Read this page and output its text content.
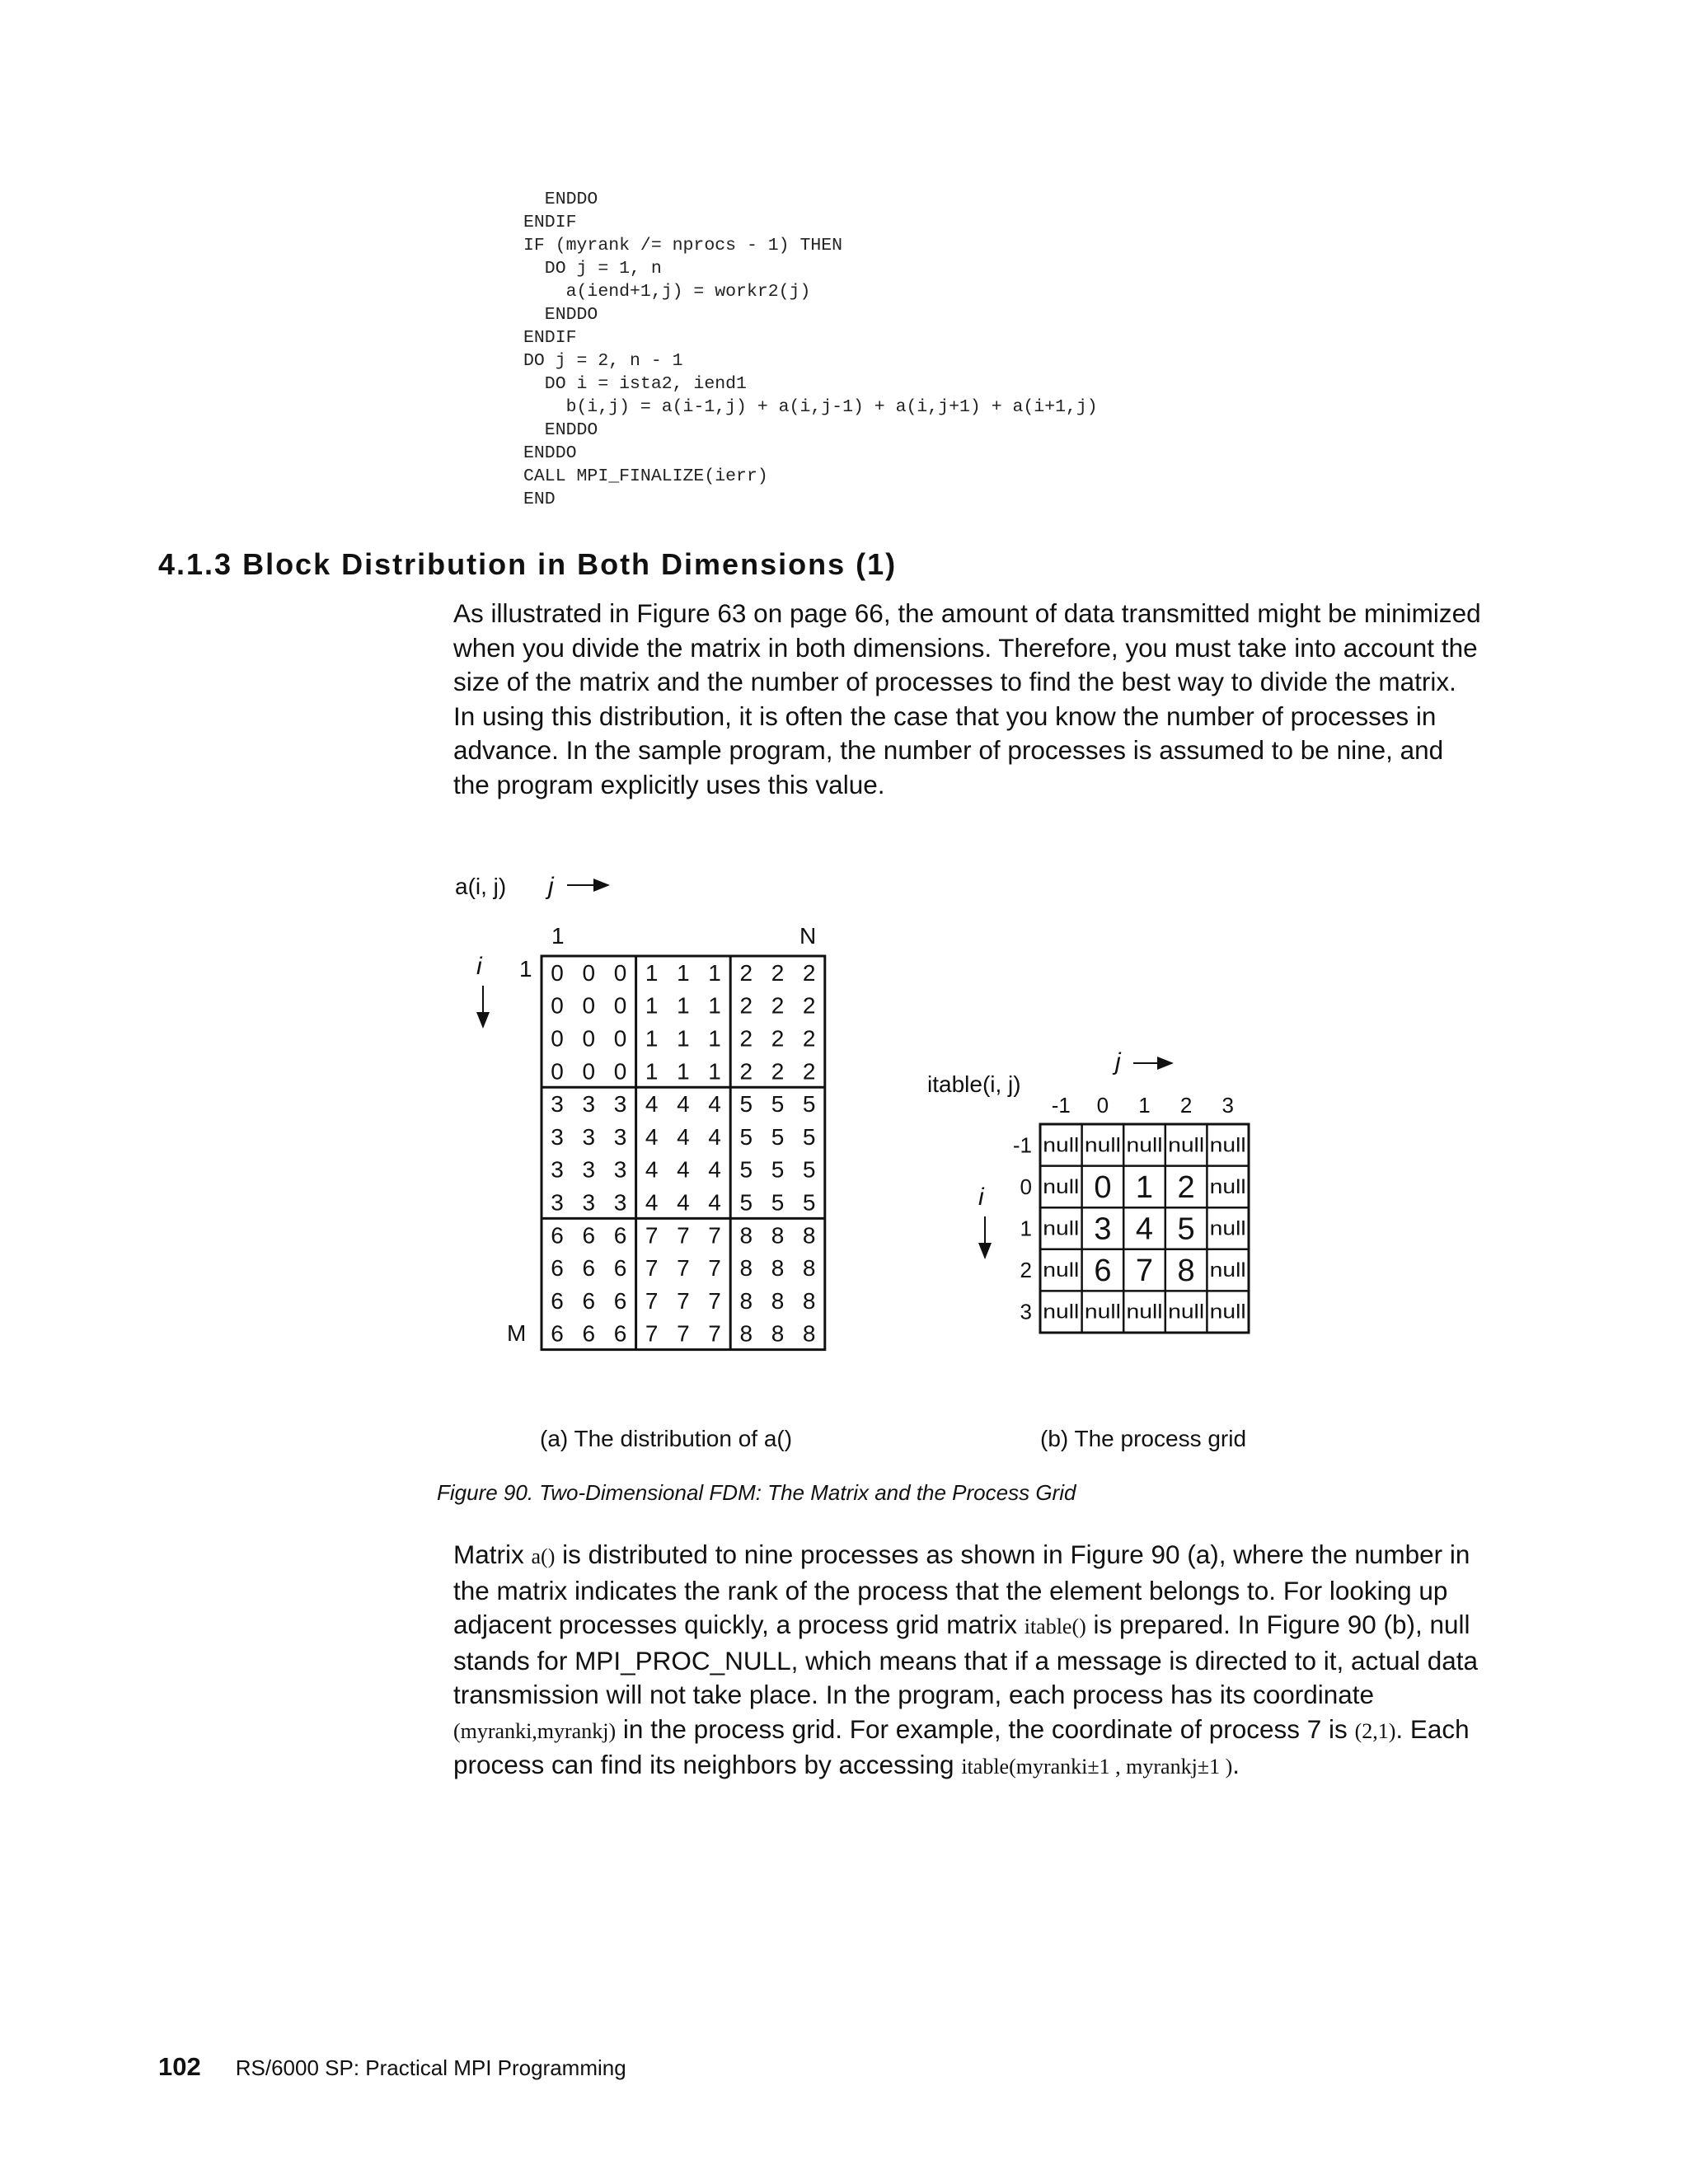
ENDDO
ENDIF
IF (myrank /= nprocs - 1) THEN
DO j = 1, n
a(iend+1,j) = workr2(j)
ENDDO
ENDIF
DO j = 2, n - 1
DO i = ista2, iend1
b(i,j) = a(i-1,j) + a(i,j-1) + a(i,j+1) + a(i+1,j)
ENDDO
ENDDO
CALL MPI_FINALIZE(ierr)
END
4.1.3 Block Distribution in Both Dimensions (1)

As illustrated in Figure 63 on page 66, the amount of data transmitted might be minimized when you divide the matrix in both dimensions. Therefore, you must take into account the size of the matrix and the number of processes to find the best way to divide the matrix. In using this distribution, it is often the case that you know the number of processes in advance. In the sample program, the number of processes is assumed to be nine, and the program explicitly uses this value.

a(i, j) j
1	N
i 1
M
0 0 0 1 1 1 2 2 2
0 0 0 1 1 1 2 2 2
0 0 0 1 1 1 2 2 2
0 0 0 1 1 1 2 2 2
3 3 3 4 4 4 5 5 5
3 3 3 4 4 4 5 5 5
3 3 3 4 4 4 5 5 5
3 3 3 4 4 4 5 5 5
6 6 6 7 7 7 8 8 8
6 6 6 7 7 7 8 8 8
6 6 6 7 7 7 8 8 8
6 6 6 7 7 7 8 8 8
itable(i, j)
j
i
-1 0 1 2 3
-1
0
1
2
3
null null null null null
null 0 1 2 null
null 3 4 5 null
null 6 7 8 null
null null null null null
(a) The distribution of a()	(b) The process grid

Figure 90. Two-Dimensional FDM: The Matrix and the Process Grid

Matrix a() is distributed to nine processes as shown in Figure 90 (a), where the number in the matrix indicates the rank of the process that the element belongs to. For looking up adjacent processes quickly, a process grid matrix itable() is prepared. In Figure 90 (b), null stands for MPI_PROC_NULL, which means that if a message is directed to it, actual data transmission will not take place. In the program, each process has its coordinate (myranki,myrankj) in the process grid. For example, the coordinate of process 7 is (2,1). Each process can find its neighbors by accessing itable(myranki±1 , myrankj±1 ).

102 RS/6000 SP: Practical MPI Programming
